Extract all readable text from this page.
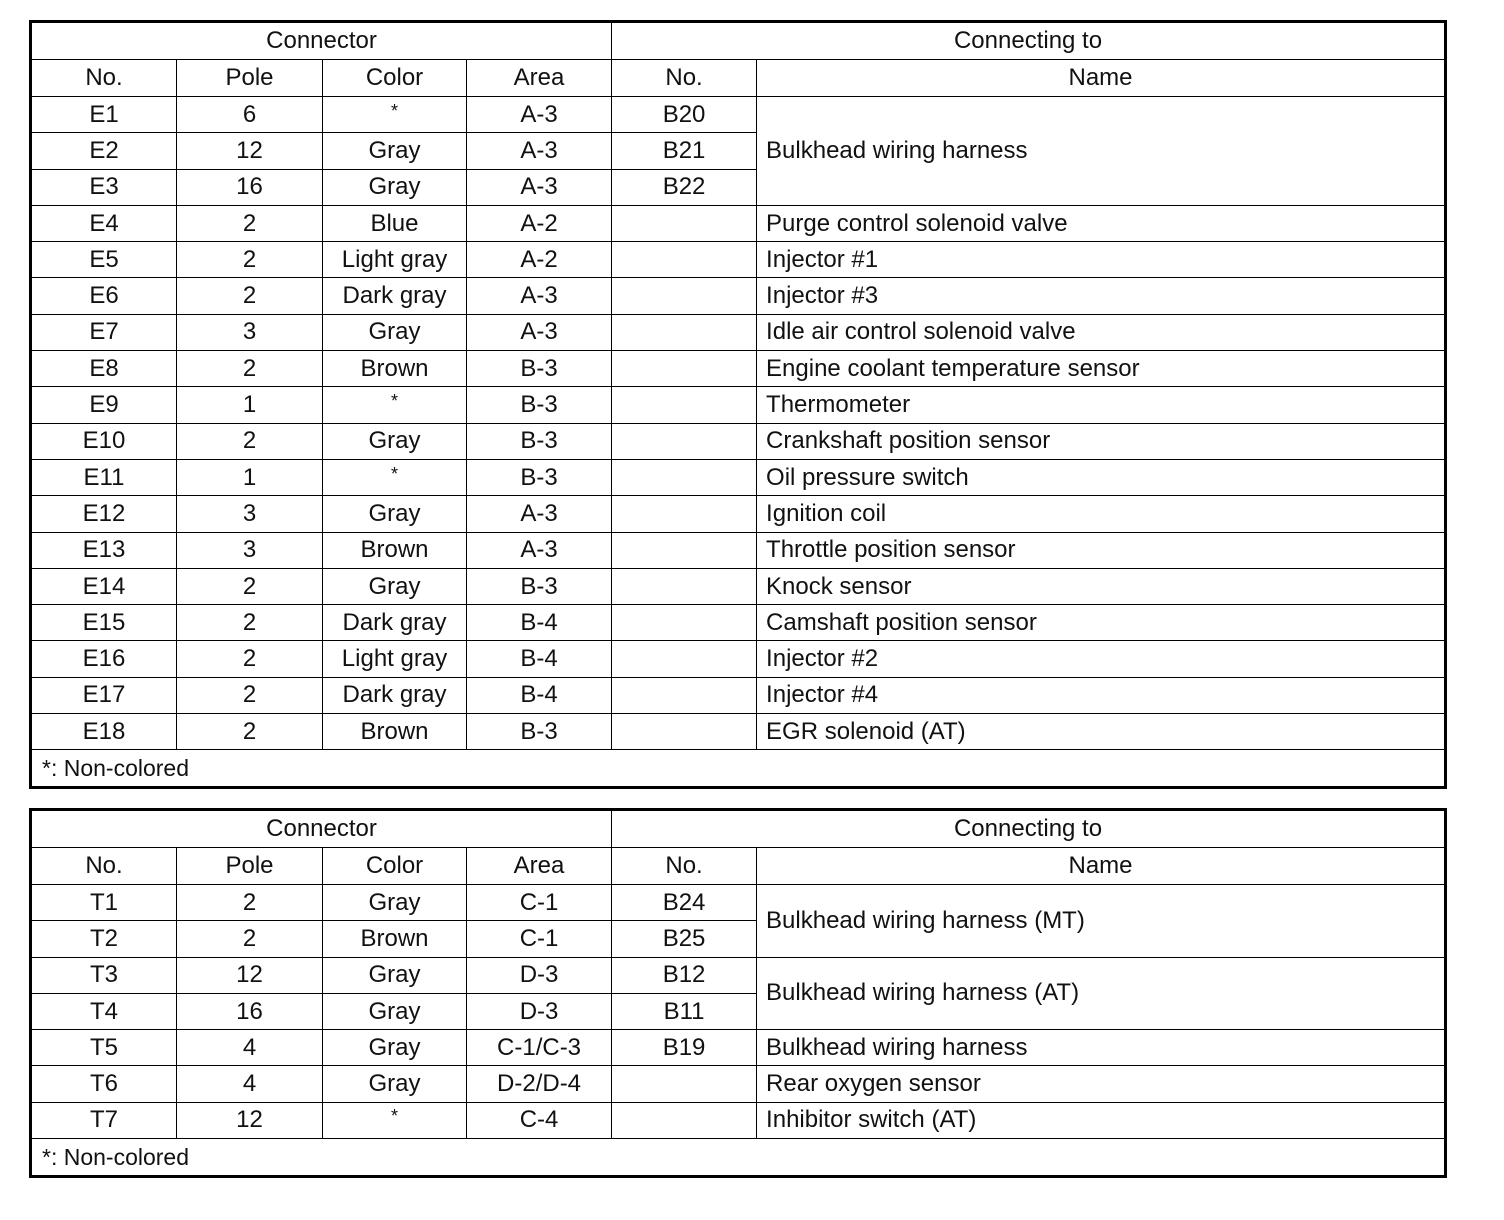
Connector				Connecting to	
No.	Pole	Color	Area	No.	Name
E1	6	*	A-3	B20	Bulkhead wiring harness
E2	12	Gray	A-3	B21	
E3	16	Gray	A-3	B22	
E4	2	Blue	A-2		Purge control solenoid valve
E5	2	Light gray	A-2		Injector #1
E6	2	Dark gray	A-3		Injector #3
E7	3	Gray	A-3		Idle air control solenoid valve
E8	2	Brown	B-3		Engine coolant temperature sensor
E9	1	*	B-3		Thermometer
E10	2	Gray	B-3		Crankshaft position sensor
E11	1	*	B-3		Oil pressure switch
E12	3	Gray	A-3		Ignition coil
E13	3	Brown	A-3		Throttle position sensor
E14	2	Gray	B-3		Knock sensor
E15	2	Dark gray	B-4		Camshaft position sensor
E16	2	Light gray	B-4		Injector #2
E17	2	Dark gray	B-4		Injector #4
E18	2	Brown	B-3		EGR solenoid (AT)
*: Non-colored					
Connector				Connecting to	
No.	Pole	Color	Area	No.	Name
T1	2	Gray	C-1	B24	Bulkhead wiring harness (MT)
T2	2	Brown	C-1	B25	
T3	12	Gray	D-3	B12	Bulkhead wiring harness (AT)
T4	16	Gray	D-3	B11	
T5	4	Gray	C-1/C-3	B19	Bulkhead wiring harness
T6	4	Gray	D-2/D-4		Rear oxygen sensor
T7	12	*	C-4		Inhibitor switch (AT)
*: Non-colored					
